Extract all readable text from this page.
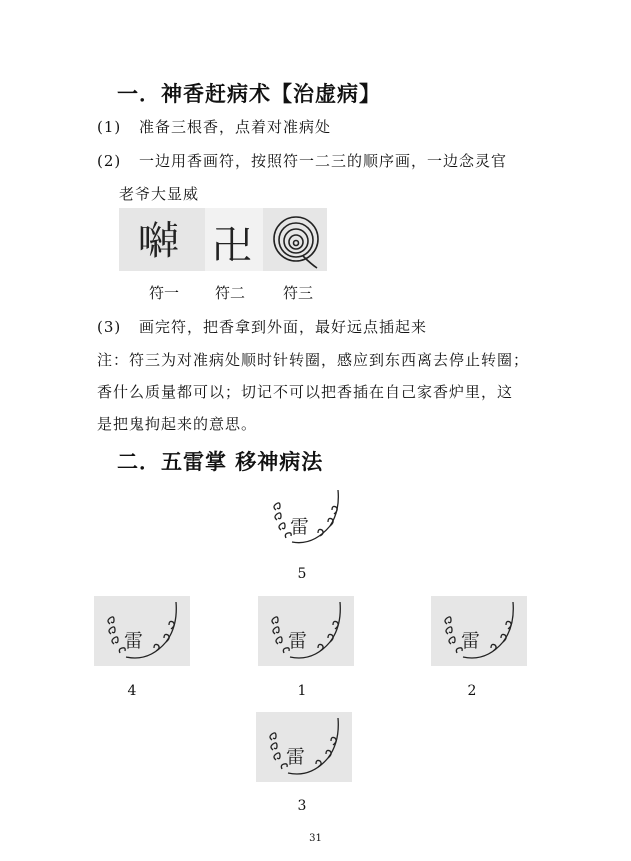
一．神香赶病术【治虚病】
(1) 准备三根香，点着对准病处
(2) 一边用香画符，按照符一二三的顺序画，一边念灵官
老爷大显威
𡁇 卍
符一 符二	符三
(3) 画完符，把香拿到外面，最好远点插起来
注：符三为对准病处顺时针转圈，感应到东西离去停止转圈；
香什么质量都可以；切记不可以把香插在自己家香炉里，这
是把鬼拘起来的意思。
二．五雷掌 移神病法
雷
5
雷
4
雷
1
雷
2
雷
3
31
